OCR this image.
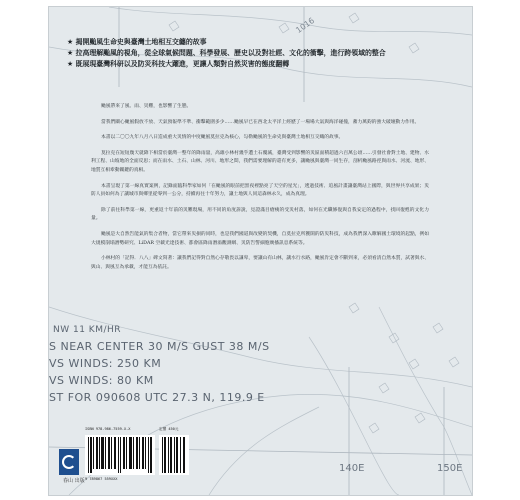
1016
NW 11 KM/HR
S NEAR CENTER 30 M/S GUST 38 M/S
VS WINDS: 250 KM
VS WINDS: 80 KM
ST FOR 090608 UTC 27.3 N, 119.9 E
140E	150E
★ 揭開颱風生命史與臺灣土地相互交纏的故事
★ 拉高理解颱風的視角，從全球氣候問題、科學發展、歷史以及對社經、文化的衝擊，進行跨領域的整合
★ 既展現臺灣科研以及防災科技大躍進，更讓人類對自然災害的態度翻轉

颱風帶來了風、雨、災難，也影響了生態。

當我們關心颱風假放不放、天氣預報準不準、衝擊範圍多少……颱風早已在西北太平洋上經歷了一場場大氣與海洋碰撞，蓄力萬鈞的強大破壞動力作用。

本書以二〇〇九年八月八日造成重大災情的中度颱風莫拉克為核心，勾勒颱風的生命史與臺灣土地相互交織的故事。

莫拉克在短短幾天就降下相當於臺灣一整年的降雨量，高雄小林村幾乎遭土石覆滅，臺灣受到影響的災區面積超過六百萬公頃……引發社會對土地、建物、水利工程、山坡地的全面反思；而在雨水、土石、山林、河川、地形之間，我們需要理解的還有更多，讓颱風與臺灣一同生存，剖析颱風路徑與雨水、河流、地形、地質互相牽動關鍵的真相。

本書呈現了第一線真實案例，記錄面臨科學家如何「在颱風的眼前把黑夜裡點亮了天空的星光」，透過技術、追風計畫讓臺灣站上國際，與世界共享成果；災防人員如何為了讓城市與鄉里從零到一公分，持續再往十年努力，讓土地與人同這森林永久，成為真理。

除了前往科學第一線，更重返十年前的災難現場，用不同的角度訴說，見證滿目瘡痍的受災村落，如何在光纖修復與自我安定的過程中，找回復甦的文化力量。

颱風是大自然告能氣的集合者物，當它帶來災損的同時，也是我們國道與改變的契機，自莫拉克所獲開的防災科技，成為我們深入瞭解國土環境的起點，例如大規模崩塌潛勢研究、LiDAR 空載光達技術、都會區降雨潛溢觀測網、災防告警細胞廣播訊息系統等。

小林村的「記得．八八」碑文寫著：讓我們記得對自然心存敬畏以謙卑，要讓山有山林，讓水行水路，颱風肯定會不斷到來，必須看清自然本質，試著與水、與山、與風互為承載，才能互為依託。

春山 出版
ISBN 978-986-7559-X-X
9 789867 559XXX
定價 450元
